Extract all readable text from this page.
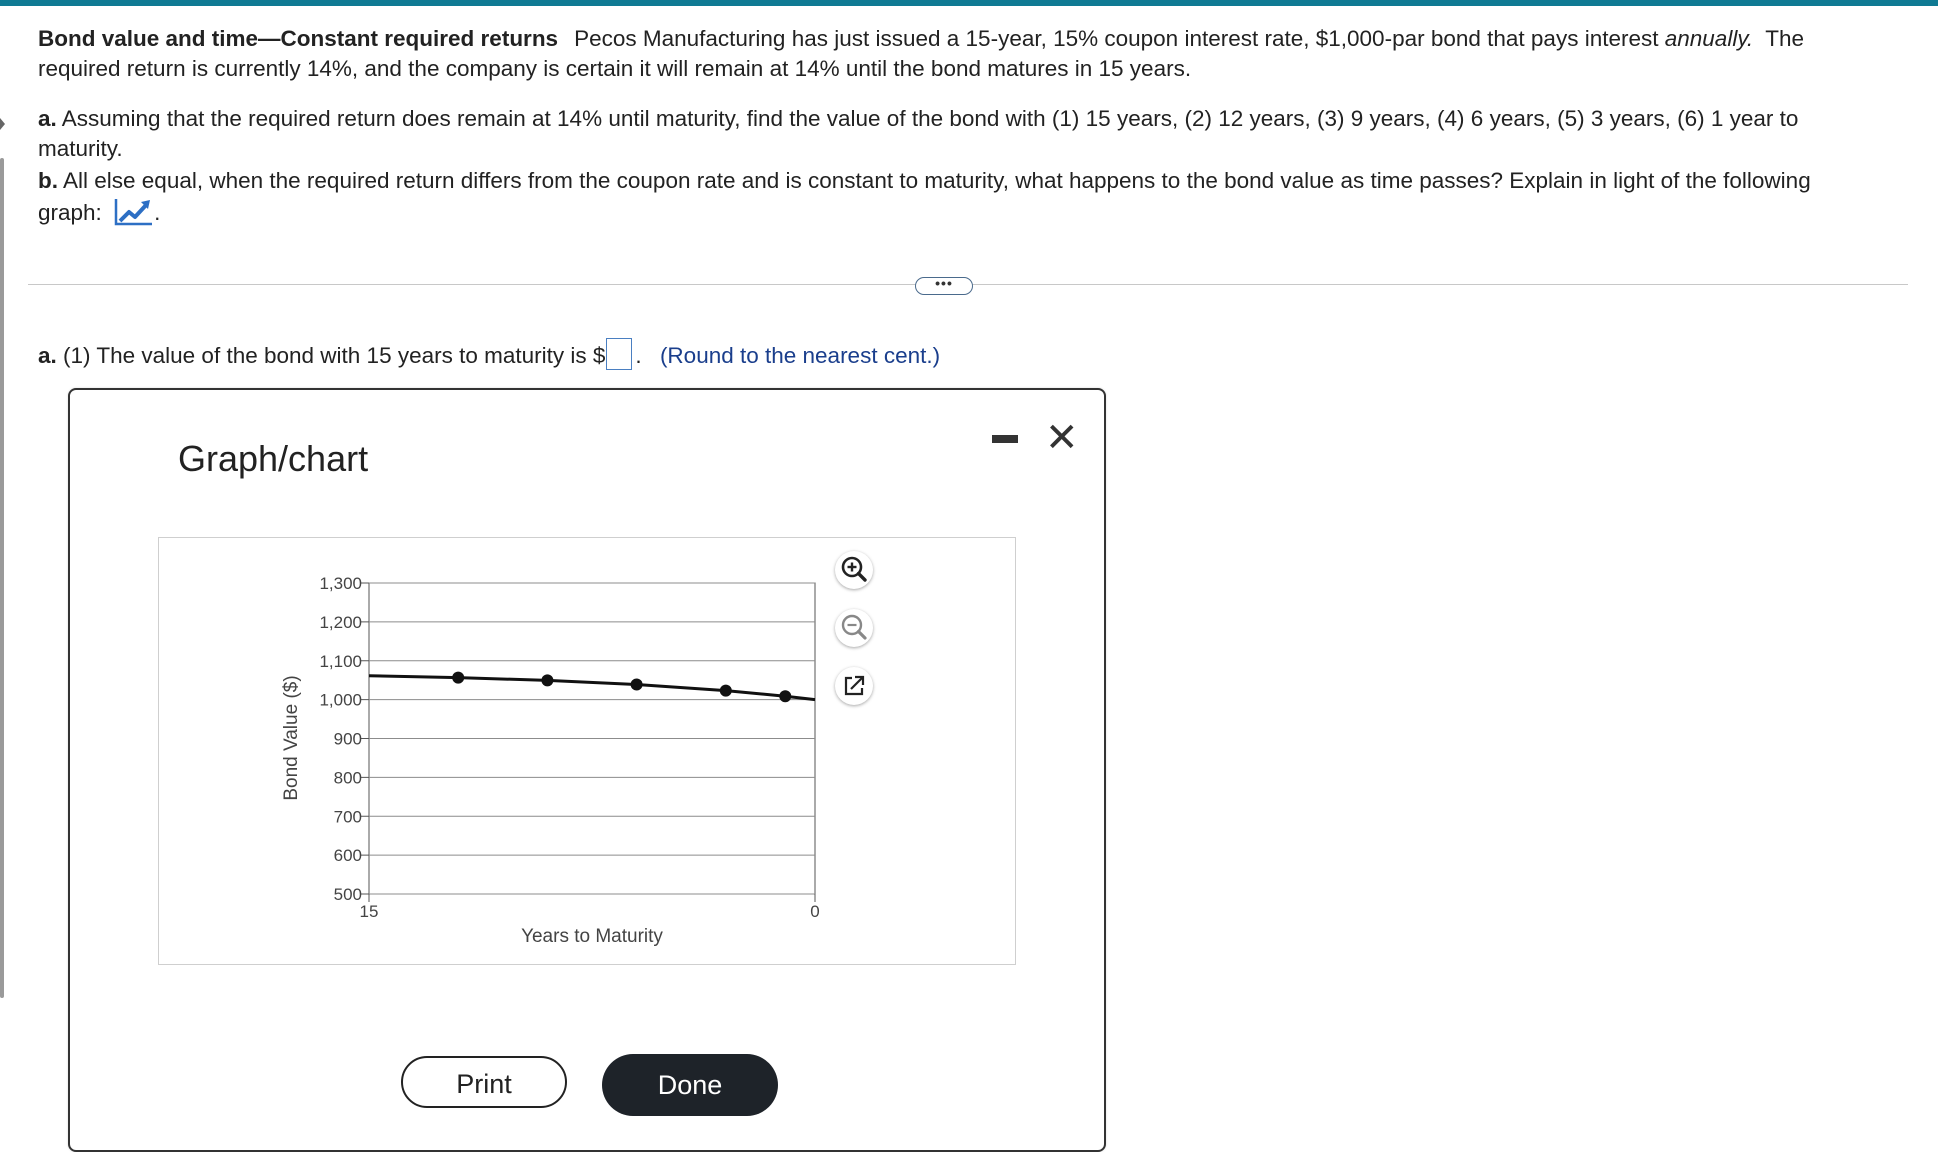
Bond value and time—Constant required returns Pecos Manufacturing has just issued a 15-year, 15% coupon interest rate, $1,000-par bond that pays interest annually. The required return is currently 14%, and the company is certain it will remain at 14% until the bond matures in 15 years.

a. Assuming that the required return does remain at 14% until maturity, find the value of the bond with (1) 15 years, (2) 12 years, (3) 9 years, (4) 6 years, (5) 3 years, (6) 1 year to maturity.

b. All else equal, when the required return differs from the coupon rate and is constant to maturity, what happens to the bond value as time passes? Explain in light of the following graph: .

•••
a. (1) The value of the bond with 15 years to maturity is $ . (Round to the nearest cent.)
Graph/chart	✕
500
600
700
800
900
1,000
1,100
1,200
1,300
15	0
Bond Value ($)
Years to Maturity
Print	Done
